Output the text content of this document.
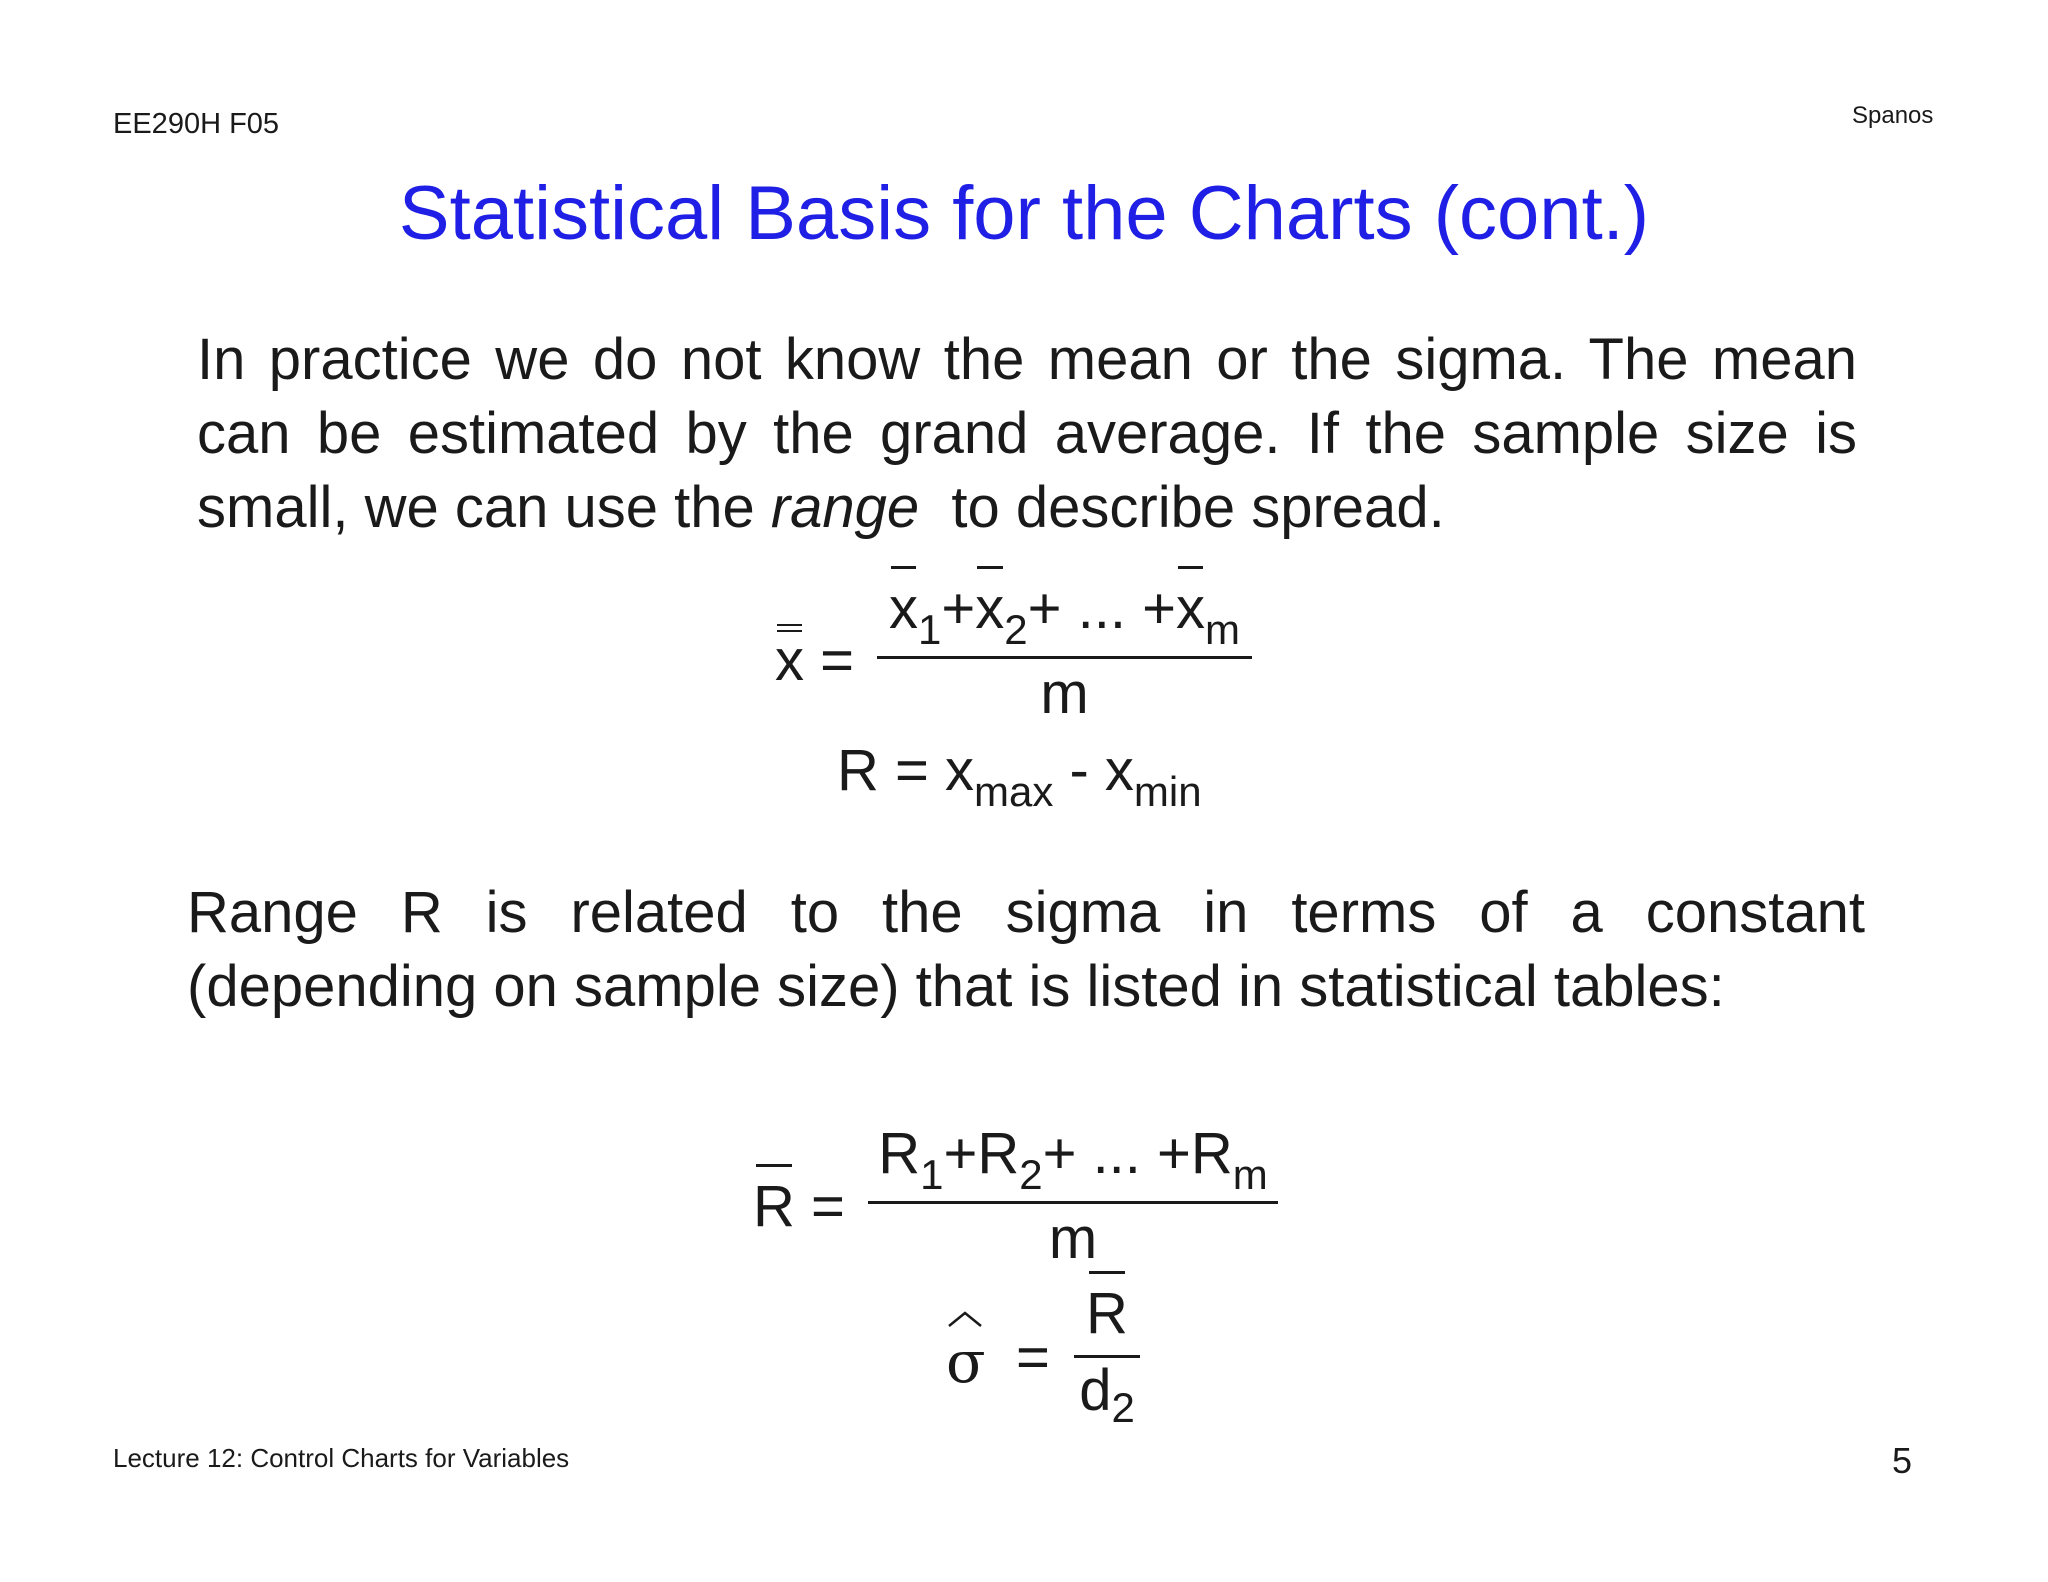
EE290H F05	Spanos
Statistical Basis for the Charts (cont.)
In practice we do not know the mean or the sigma. The mean can be estimated by the grand average. If the sample size is small, we can use the range  to describe spread.
x =
$x_1+x_2+$ ... $+x_m$
m
$R = x_{max} - x_{min}$
Range R is related to the sigma in terms of a constant (depending on sample size) that is listed in statistical tables:
R =
$R_1+R_2+$ ... $+R_m$
m
σ =
R
$d_2$
Lecture 12: Control Charts for Variables	5
